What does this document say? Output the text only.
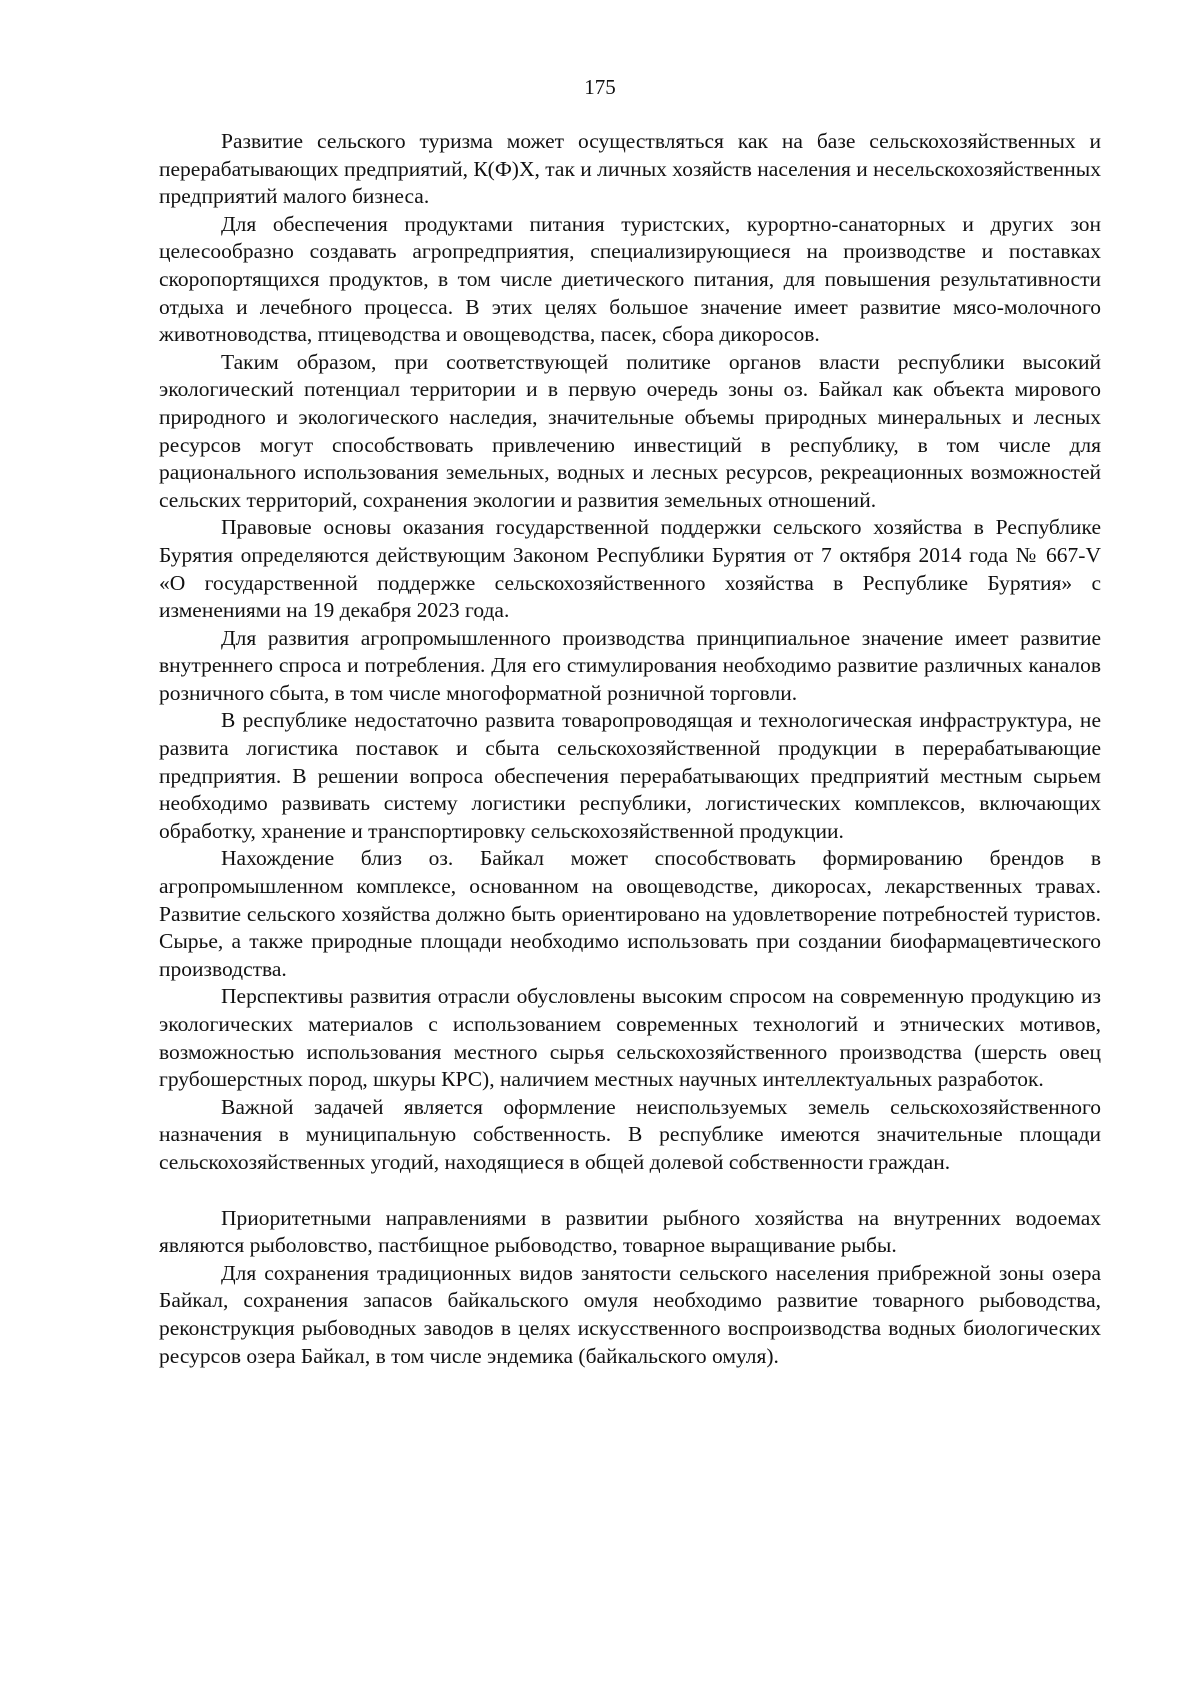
175

Развитие сельского туризма может осуществляться как на базе сельскохозяйственных и перерабатывающих предприятий, К(Ф)Х, так и личных хозяйств населения и несельскохозяйственных предприятий малого бизнеса.

Для обеспечения продуктами питания туристских, курортно-санаторных и других зон целесообразно создавать агропредприятия, специализирующиеся на производстве и поставках скоропортящихся продуктов, в том числе диетического питания, для повышения результативности отдыха и лечебного процесса. В этих целях большое значение имеет развитие мясо-молочного животноводства, птицеводства и овощеводства, пасек, сбора дикоросов.

Таким образом, при соответствующей политике органов власти республики высокий экологический потенциал территории и в первую очередь зоны оз. Байкал как объекта мирового природного и экологического наследия, значительные объемы природных минеральных и лесных ресурсов могут способствовать привлечению инвестиций в республику, в том числе для рационального использования земельных, водных и лесных ресурсов, рекреационных возможностей сельских территорий, сохранения экологии и развития земельных отношений.

Правовые основы оказания государственной поддержки сельского хозяйства в Республике Бурятия определяются действующим Законом Республики Бурятия от 7 октября 2014 года № 667-V «О государственной поддержке сельскохозяйственного хозяйства в Республике Бурятия» с изменениями на 19 декабря 2023 года.

Для развития агропромышленного производства принципиальное значение имеет развитие внутреннего спроса и потребления. Для его стимулирования необходимо развитие различных каналов розничного сбыта, в том числе многоформатной розничной торговли.

В республике недостаточно развита товаропроводящая и технологическая инфраструктура, не развита логистика поставок и сбыта сельскохозяйственной продукции в перерабатывающие предприятия. В решении вопроса обеспечения перерабатывающих предприятий местным сырьем необходимо развивать систему логистики республики, логистических комплексов, включающих обработку, хранение и транспортировку сельскохозяйственной продукции.

Нахождение близ оз. Байкал может способствовать формированию брендов в агропромышленном комплексе, основанном на овощеводстве, дикоросах, лекарственных травах. Развитие сельского хозяйства должно быть ориентировано на удовлетворение потребностей туристов. Сырье, а также природные площади необходимо использовать при создании биофармацевтического производства.

Перспективы развития отрасли обусловлены высоким спросом на современную продукцию из экологических материалов с использованием современных технологий и этнических мотивов, возможностью использования местного сырья сельскохозяйственного производства (шерсть овец грубошерстных пород, шкуры КРС), наличием местных научных интеллектуальных разработок.

Важной задачей является оформление неиспользуемых земель сельскохозяйственного назначения в муниципальную собственность. В республике имеются значительные площади сельскохозяйственных угодий, находящиеся в общей долевой собственности граждан.

Приоритетными направлениями в развитии рыбного хозяйства на внутренних водоемах являются рыболовство, пастбищное рыбоводство, товарное выращивание рыбы.

Для сохранения традиционных видов занятости сельского населения прибрежной зоны озера Байкал, сохранения запасов байкальского омуля необходимо развитие товарного рыбоводства, реконструкция рыбоводных заводов в целях искусственного воспроизводства водных биологических ресурсов озера Байкал, в том числе эндемика (байкальского омуля).
